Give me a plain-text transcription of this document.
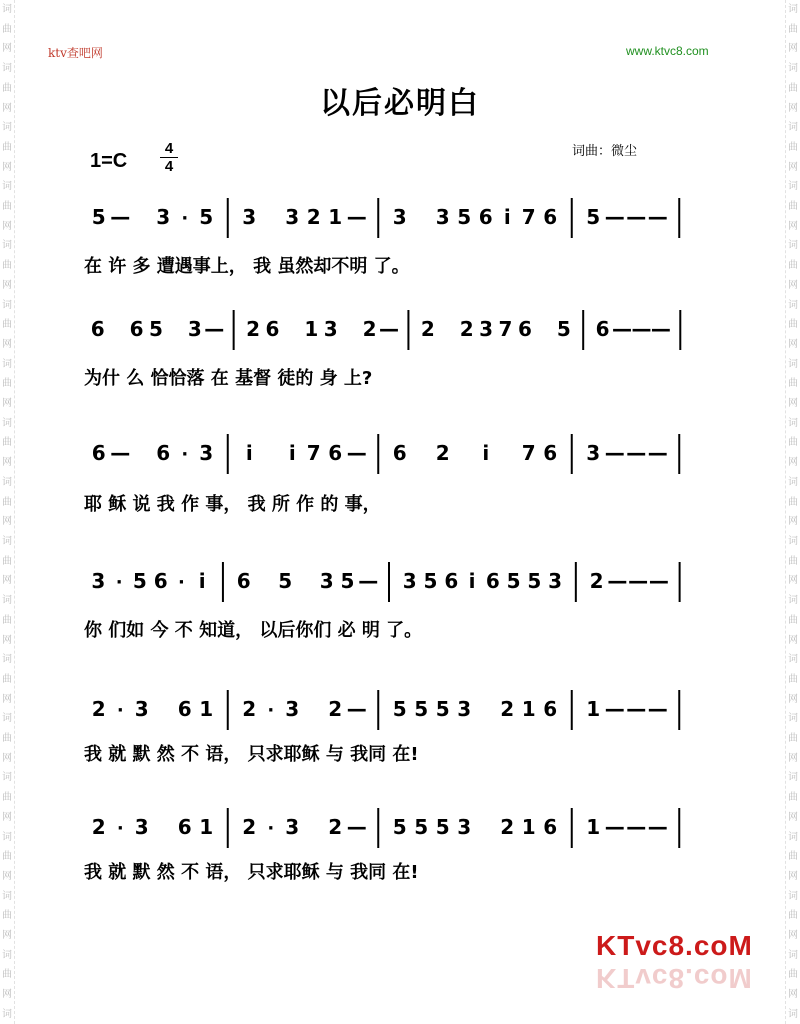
词
曲
网
词
曲
网
词
曲
网
词
曲
网
词
曲
网
词
曲
网
词
曲
网
词
曲
网
词
曲
网
词
曲
网
词
曲
网
词
曲
网
词
曲
网
词
曲
网
词
曲
网
词
曲
网
词
曲
网
词
词
曲
网
词
曲
网
词
曲
网
词
曲
网
词
曲
网
词
曲
网
词
曲
网
词
曲
网
词
曲
网
词
曲
网
词
曲
网
词
曲
网
词
曲
网
词
曲
网
词
曲
网
词
曲
网
词
曲
网
词
ktv查吧网	www.ktvc8.com
以后必明白
词曲：微尘
1=C
4
4
5 — 3 · 5 3 3 2 1 — 3 3 5 6 i 7 6 5 — — —
6 6 5 3 — 2 6 1 3 2 — 2 2 3 7 6 5 6 — — —
6 — 6 · 3 i i 7 6 — 6 2 i 7 6 3 — — —
3 · 5 6 · i 6 5 3 5 — 3 5 6 i 6 5 5 3 2 — — —
2 · 3 6 1 2 · 3 2 — 5 5 5 3 2 1 6 1 — — —
2 · 3 6 1 2 · 3 2 — 5 5 5 3 2 1 6 1 — — —
在 许 多 遭遇事上， 我 虽然却不明 了。
为什 么 恰恰落 在 基督 徒的 身 上?
耶 稣 说 我 作 事， 我 所 作 的 事，
你 们如 今 不 知道， 以后你们 必 明 了。
我 就 默 然 不 语， 只求耶稣 与 我同 在!
我 就 默 然 不 语， 只求耶稣 与 我同 在!
KTvc8.coM
KTvc8.coM
